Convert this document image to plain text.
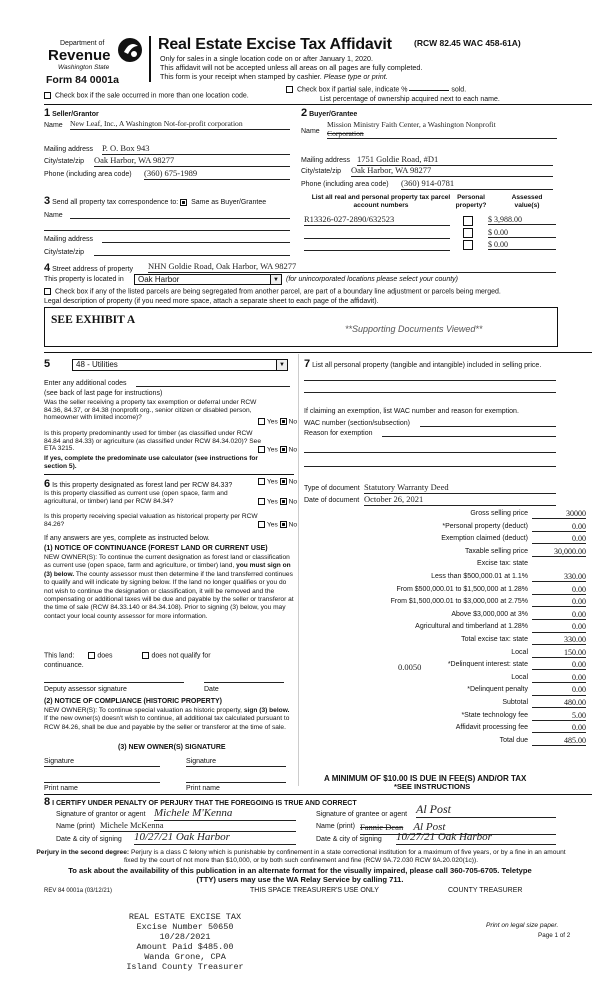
Department of
Revenue
Washington State
Form 84 0001a
Real Estate Excise Tax Affidavit	(RCW 82.45 WAC 458-61A)
Only for sales in a single location code on or after January 1, 2020.
This affidavit will not be accepted unless all areas on all pages are fully completed.
This form is your receipt when stamped by cashier. Please type or print.
Check box if the sale occurred in more than one location code.
Check box if partial sale, indicate %	sold.
List percentage of ownership acquired next to each name.
1 Seller/Grantor
Name New Leaf, Inc., A Washington Not-for-profit corporation
Mailing address P. O. Box 943
City/state/zip Oak Harbor, WA 98277
Phone (including area code) (360) 675-1989
2 Buyer/Grantee
Name
Mission Ministry Faith Center, a Washington Nonprofit
Corporation
Mailing address 1751 Goldie Road, #D1
City/state/zip Oak Harbor, WA 98277
Phone (including area code) (360) 914-0781
3 Send all property tax correspondence to: Same as Buyer/Grantee
Name
Mailing address
City/state/zip
List all real and personal property tax parcel account numbers
Personal property?
Assessed value(s)
R13326-027-2890/632523	$ 3,988.00
$ 0.00
$ 0.00
4 Street address of property NHN Goldie Road, Oak Harbor, WA 98277
This property is located in	Oak Harbor	▼ (for unincorporated locations please select your county)
Check box if any of the listed parcels are being segregated from another parcel, are part of a boundary line adjustment or parcels being merged.
Legal description of property (if you need more space, attach a separate sheet to each page of the affidavit).
SEE EXHIBIT A
**Supporting Documents Viewed**
5	48 - Utilities	▼
Enter any additional codes
(see back of last page for instructions)
Was the seller receiving a property tax exemption or deferral under RCW 84.36, 84.37, or 84.38 (nonprofit org., senior citizen or disabled person, homeowner with limited income)?
Yes No
Is this property predominantly used for timber (as classified under RCW 84.84 and 84.33) or agriculture (as classified under RCW 84.34.020)? See ETA 3215.	Yes No
If yes, complete the predominate use calculator (see instructions for section 5).
7 List all personal property (tangible and intangible) included in selling price.
If claiming an exemption, list WAC number and reason for exemption.
WAC number (section/subsection)
Reason for exemption
Type of document Statutory Warranty Deed
Date of document October 26, 2021
Gross selling price	30000
*Personal property (deduct)	0.00
Exemption claimed (deduct)	0.00
Taxable selling price	30,000.00
Excise tax: state
Less than $500,000.01 at 1.1%	330.00
From $500,000.01 to $1,500,000 at 1.28%	0.00
From $1,500,000.01 to $3,000,000 at 2.75%	0.00
Above $3,000,000 at 3%	0.00
Agricultural and timberland at 1.28%	0.00
Total excise tax: state	330.00
Local	150.00
*Delinquent interest: state	0.00
Local	0.00
*Delinquent penalty	0.00
Subtotal	480.00
*State technology fee	5.00
Affidavit processing fee	0.00
Total due	485.00
0.0050
A MINIMUM OF $10.00 IS DUE IN FEE(S) AND/OR TAX
*SEE INSTRUCTIONS
6 Is this property designated as forest land per RCW 84.33?
Yes No
Is this property classified as current use (open space, farm and agricultural, or timber) land per RCW 84.34?	Yes No
Is this property receiving special valuation as historical property per RCW 84.26?	Yes No
If any answers are yes, complete as instructed below.
(1) NOTICE OF CONTINUANCE (FOREST LAND OR CURRENT USE)
NEW OWNER(S): To continue the current designation as forest land or classification as current use (open space, farm and agriculture, or timber) land, you must sign on (3) below. The county assessor must then determine if the land transferred continues to qualify and will indicate by signing below. If the land no longer qualifies or you do not wish to continue the designation or classification, it will be removed and the compensating or additional taxes will be due and payable by the seller or transferor at the time of sale (RCW 84.33.140 or 84.34.108). Prior to signing (3) below, you may contact your local county assessor for more information.
This land:	does	does not qualify for
continuance.
Deputy assessor signature	Date
(2) NOTICE OF COMPLIANCE (HISTORIC PROPERTY)
NEW OWNER(S): To continue special valuation as historic property, sign (3) below. If the new owner(s) doesn't wish to continue, all additional tax calculated pursuant to RCW 84.26, shall be due and payable by the seller or transferor at the time of sale.
(3) NEW OWNER(S) SIGNATURE
Signature	Signature
Print name	Print name
8 I CERTIFY UNDER PENALTY OF PERJURY THAT THE FOREGOING IS TRUE AND CORRECT
Signature of grantor or agent Michele M'Kenna
Name (print) Michele McKenna
Date & city of signing 10/27/21 Oak Harbor
Signature of grantee or agent Al Post
Name (print) Fannie Dean Al Post
Date & city of signing 10/27/21 Oak Harbor
Perjury in the second degree: Perjury is a class C felony which is punishable by confinement in a state correctional institution for a maximum of five years, or by a fine in an amount fixed by the court of not more than $10,000, or by both such confinement and fine (RCW 9A.72.030 RCW 9A.20.020(1c)).
To ask about the availability of this publication in an alternate format for the visually impaired, please call 360-705-6705. Teletype
(TTY) users may use the WA Relay Service by calling 711.
REV 84 0001a (03/12/21)	THIS SPACE TREASURER'S USE ONLY	COUNTY TREASURER
REAL ESTATE EXCISE TAX
Excise Number 50650
10/28/2021
Amount Paid $485.00
Wanda Grone, CPA
Island County Treasurer
Print on legal size paper.
Page 1 of 2
